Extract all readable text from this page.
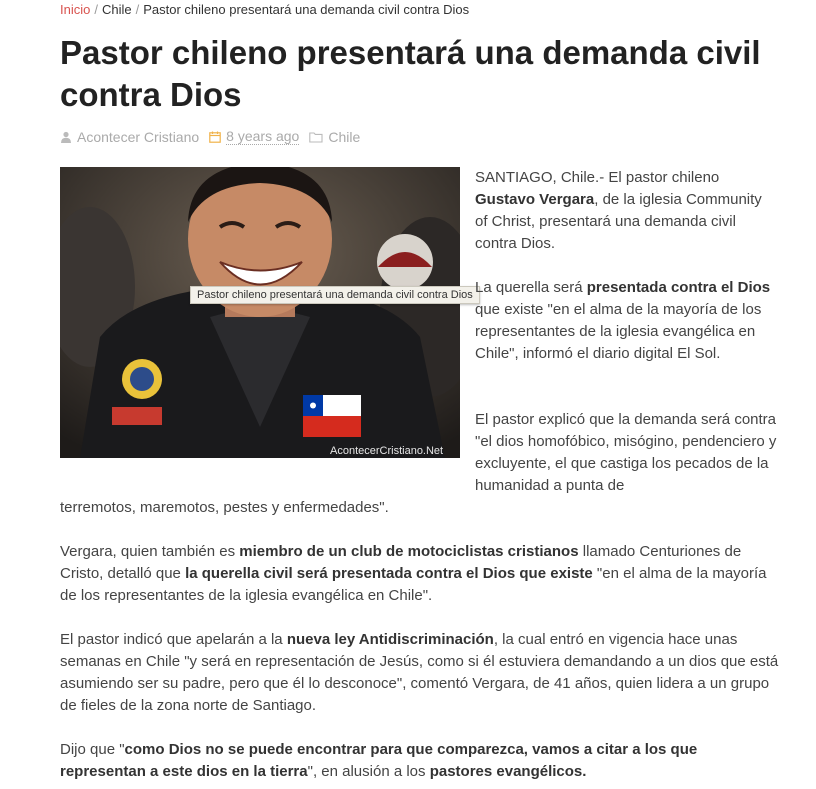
Inicio / Chile / Pastor chileno presentará una demanda civil contra Dios
Pastor chileno presentará una demanda civil contra Dios
Acontecer Cristiano 8 years ago Chile
AcontecerCristiano.Net
Pastor chileno presentará una demanda civil contra Dios

SANTIAGO, Chile.- El pastor chileno Gustavo Vergara, de la iglesia Community of Christ, presentará una demanda civil contra Dios.

La querella será presentada contra el Dios que existe "en el alma de la mayoría de los representantes de la iglesia evangélica en Chile", informó el diario digital El Sol.

El pastor explicó que la demanda será contra "el dios homofóbico, misógino, pendenciero y excluyente, el que castiga los pecados de la humanidad a punta de

terremotos, maremotos, pestes y enfermedades".

Vergara, quien también es miembro de un club de motociclistas cristianos llamado Centuriones de Cristo, detalló que la querella civil será presentada contra el Dios que existe "en el alma de la mayoría de los representantes de la iglesia evangélica en Chile".

El pastor indicó que apelarán a la nueva ley Antidiscriminación, la cual entró en vigencia hace unas semanas en Chile "y será en representación de Jesús, como si él estuviera demandando a un dios que está asumiendo ser su padre, pero que él lo desconoce", comentó Vergara, de 41 años, quien lidera a un grupo de fieles de la zona norte de Santiago.

Dijo que "como Dios no se puede encontrar para que comparezca, vamos a citar a los que representan a este dios en la tierra", en alusión a los pastores evangélicos.
